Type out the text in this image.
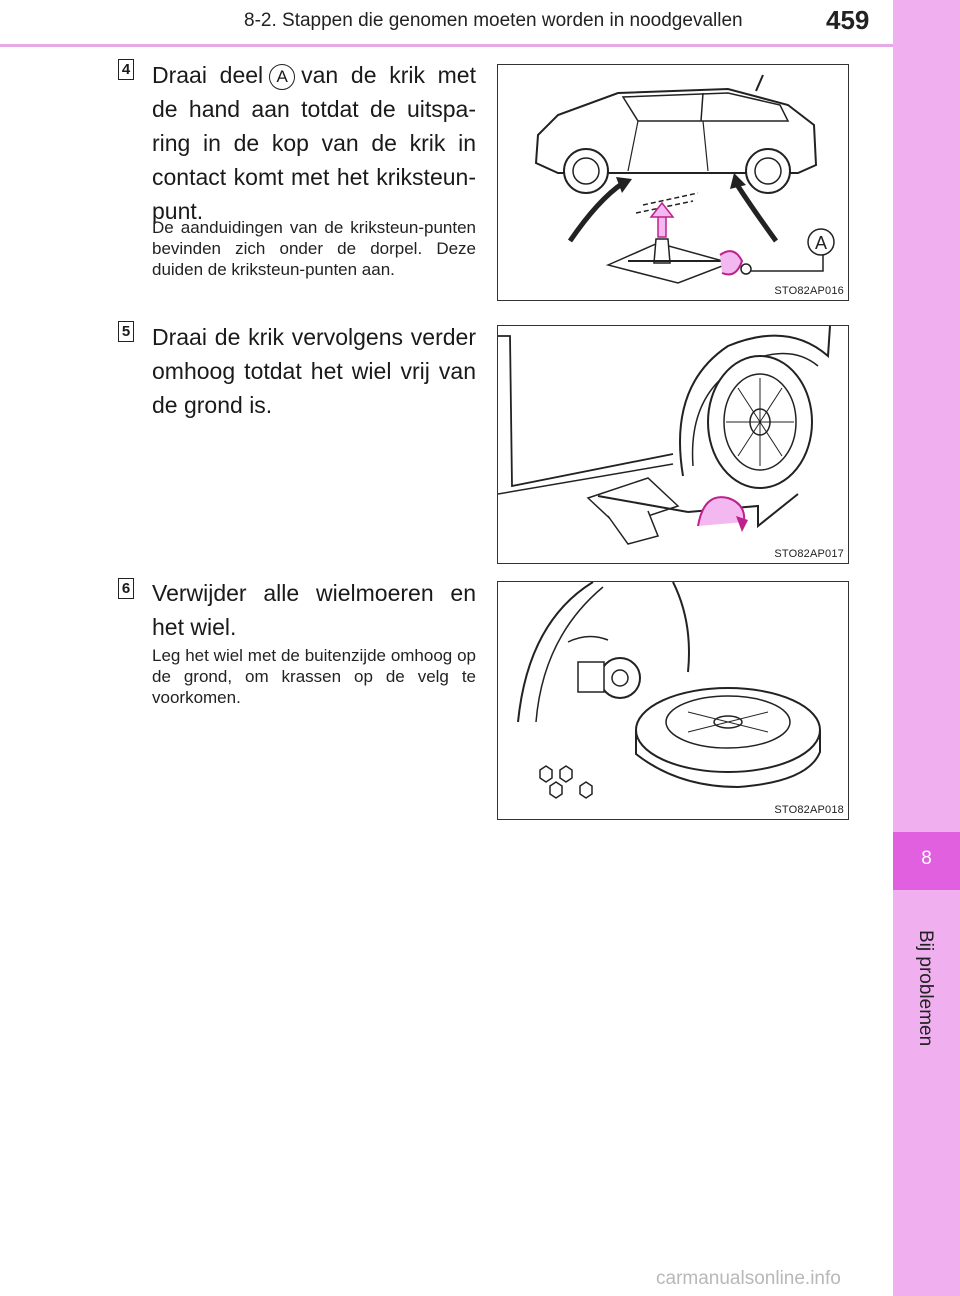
8-2. Stappen die genomen moeten worden in noodgevallen	459
8
Bij problemen
4 Draai deel A van de krik met de hand aan totdat de uitspa-ring in de kop van de krik in contact komt met het kriksteun-punt.

De aanduidingen van de kriksteun-punten bevinden zich onder de dorpel. Deze duiden de kriksteun-punten aan.

A
STO82AP016
5 Draai de krik vervolgens verder omhoog totdat het wiel vrij van de grond is.

STO82AP017
6 Verwijder alle wielmoeren en het wiel.

Leg het wiel met de buitenzijde omhoog op de grond, om krassen op de velg te voorkomen.

STO82AP018
carmanualsonline.info
